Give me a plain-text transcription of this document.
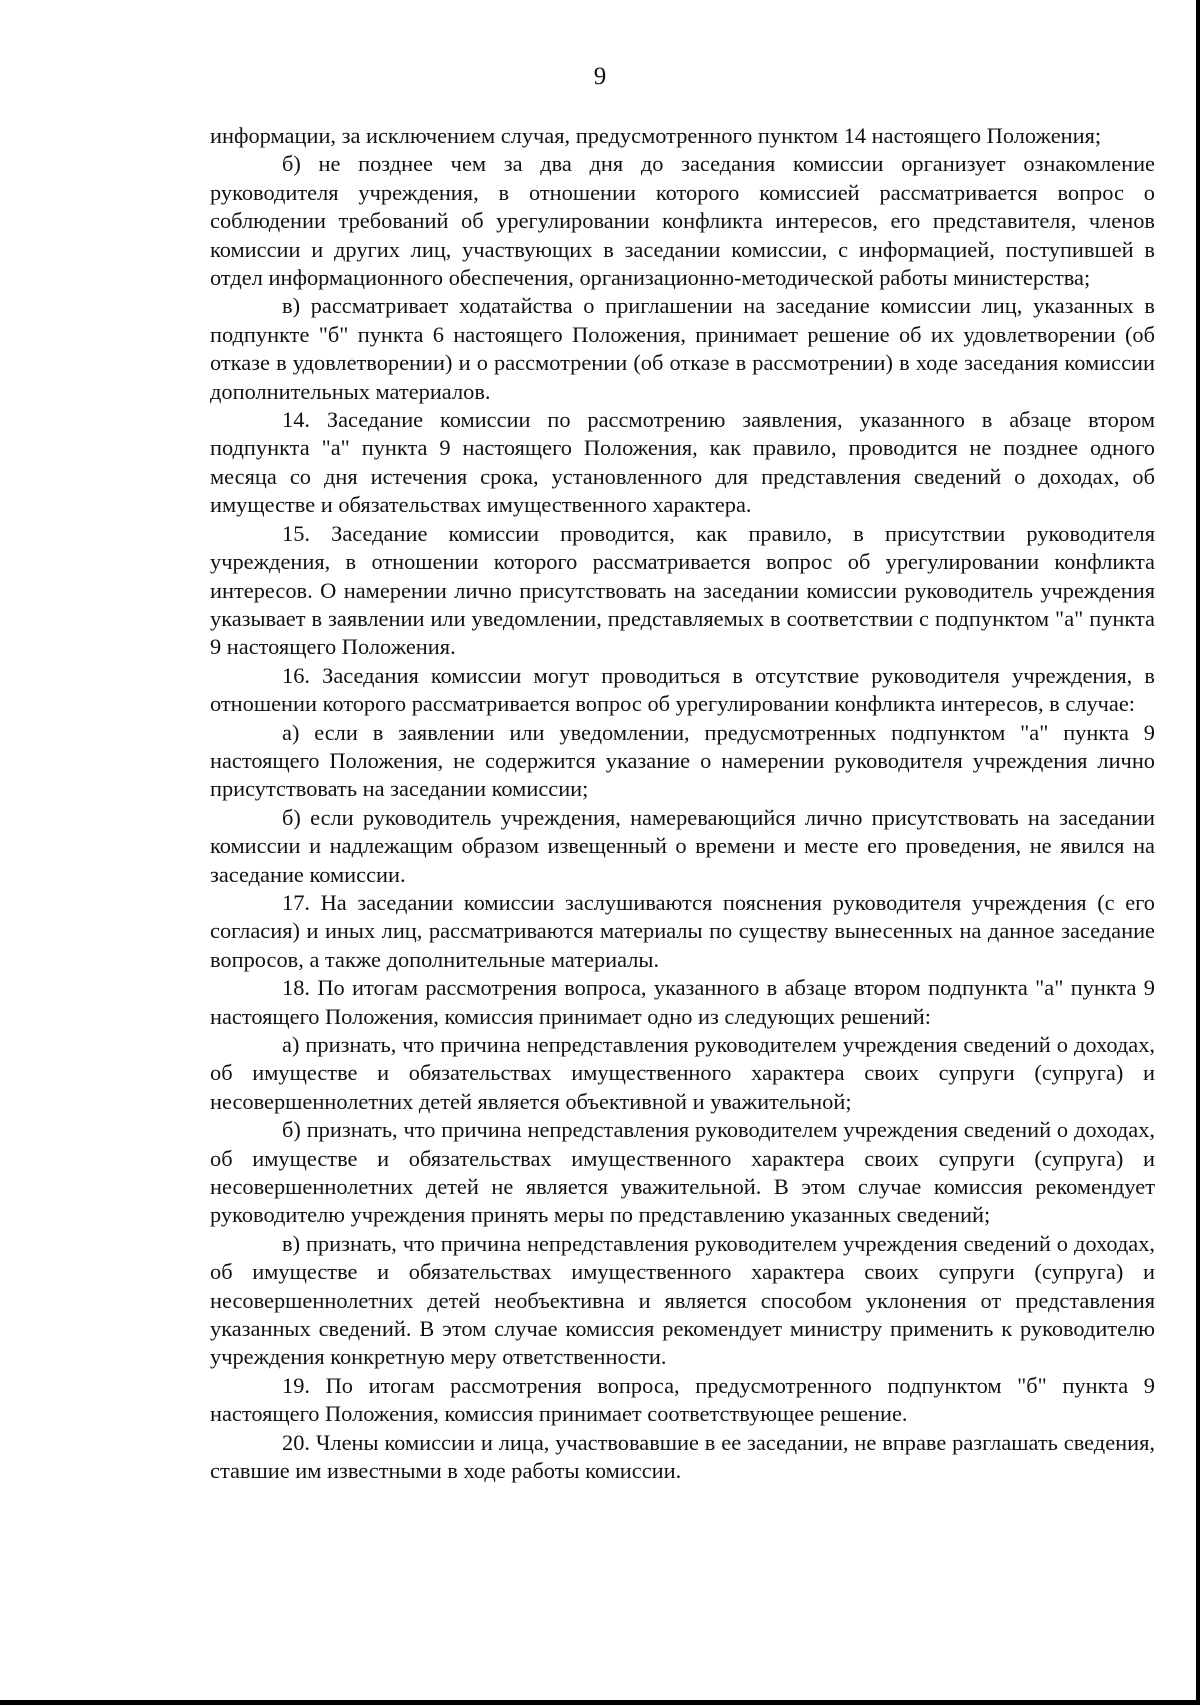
9

информации, за исключением случая, предусмотренного пунктом 14 настоящего Положения;

б) не позднее чем за два дня до заседания комиссии организует ознакомление руководителя учреждения, в отношении которого комиссией рассматривается вопрос о соблюдении требований об урегулировании конфликта интересов, его представителя, членов комиссии и других лиц, участвующих в заседании комиссии, с информацией, поступившей в отдел информационного обеспечения, организационно-методической работы министерства;

в) рассматривает ходатайства о приглашении на заседание комиссии лиц, указанных в подпункте "б" пункта 6 настоящего Положения, принимает решение об их удовлетворении (об отказе в удовлетворении) и о рассмотрении (об отказе в рассмотрении) в ходе заседания комиссии дополнительных материалов.

14. Заседание комиссии по рассмотрению заявления, указанного в абзаце втором подпункта "а" пункта 9 настоящего Положения, как правило, проводится не позднее одного месяца со дня истечения срока, установленного для представления сведений о доходах, об имуществе и обязательствах имущественного характера.

15. Заседание комиссии проводится, как правило, в присутствии руководителя учреждения, в отношении которого рассматривается вопрос об урегулировании конфликта интересов. О намерении лично присутствовать на заседании комиссии руководитель учреждения указывает в заявлении или уведомлении, представляемых в соответствии с подпунктом "а" пункта 9 настоящего Положения.

16. Заседания комиссии могут проводиться в отсутствие руководителя учреждения, в отношении которого рассматривается вопрос об урегулировании конфликта интересов, в случае:

а) если в заявлении или уведомлении, предусмотренных подпунктом "а" пункта 9 настоящего Положения, не содержится указание о намерении руководителя учреждения лично присутствовать на заседании комиссии;

б) если руководитель учреждения, намеревающийся лично присутствовать на заседании комиссии и надлежащим образом извещенный о времени и месте его проведения, не явился на заседание комиссии.

17. На заседании комиссии заслушиваются пояснения руководителя учреждения (с его согласия) и иных лиц, рассматриваются материалы по существу вынесенных на данное заседание вопросов, а также дополнительные материалы.

18. По итогам рассмотрения вопроса, указанного в абзаце втором подпункта "а" пункта 9 настоящего Положения, комиссия принимает одно из следующих решений:

а) признать, что причина непредставления руководителем учреждения сведений о доходах, об имуществе и обязательствах имущественного характера своих супруги (супруга) и несовершеннолетних детей является объективной и уважительной;

б) признать, что причина непредставления руководителем учреждения сведений о доходах, об имуществе и обязательствах имущественного характера своих супруги (супруга) и несовершеннолетних детей не является уважительной. В этом случае комиссия рекомендует руководителю учреждения принять меры по представлению указанных сведений;

в) признать, что причина непредставления руководителем учреждения сведений о доходах, об имуществе и обязательствах имущественного характера своих супруги (супруга) и несовершеннолетних детей необъективна и является способом уклонения от представления указанных сведений. В этом случае комиссия рекомендует министру применить к руководителю учреждения конкретную меру ответственности.

19. По итогам рассмотрения вопроса, предусмотренного подпунктом "б" пункта 9 настоящего Положения, комиссия принимает соответствующее решение.

20. Члены комиссии и лица, участвовавшие в ее заседании, не вправе разглашать сведения, ставшие им известными в ходе работы комиссии.
